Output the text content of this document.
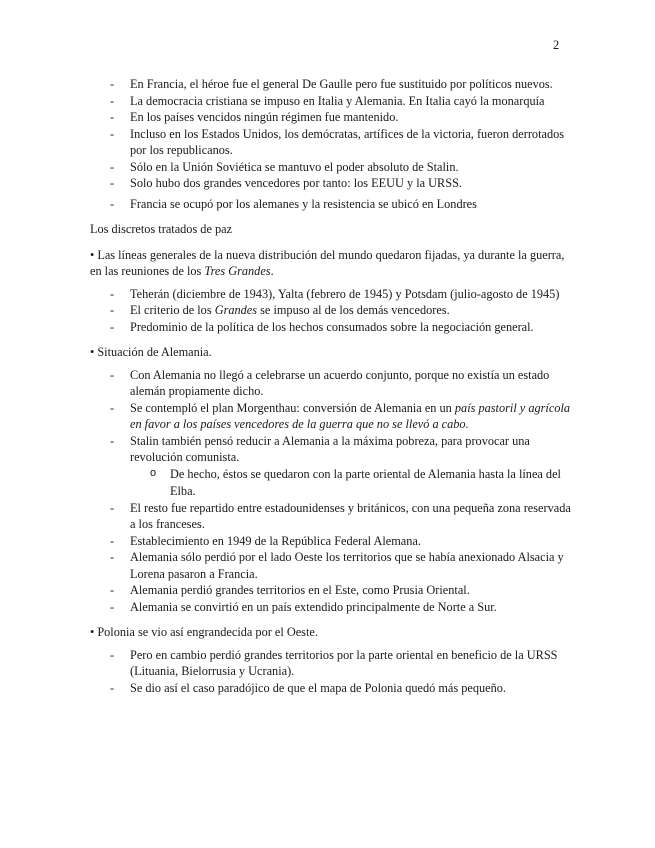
2
- En Francia, el héroe fue el general De Gaulle pero fue sustituido por políticos nuevos.
- La democracia cristiana se impuso en Italia y Alemania. En Italia cayó la monarquía
- En los países vencidos ningún régimen fue mantenido.
- Incluso en los Estados Unidos, los demócratas, artífices de la victoria, fueron derrotados por los republicanos.
- Sólo en la Unión Soviética se mantuvo el poder absoluto de Stalin.
- Solo hubo dos grandes vencedores por tanto: los EEUU y la URSS.
- Francia se ocupó por los alemanes y la resistencia se ubicó en Londres

Los discretos tratados de paz

• Las líneas generales de la nueva distribución del mundo quedaron fijadas, ya durante la guerra, en las reuniones de los Tres Grandes.

- Teherán (diciembre de 1943), Yalta (febrero de 1945) y Potsdam (julio-agosto de 1945)
- El criterio de los Grandes se impuso al de los demás vencedores.
- Predominio de la política de los hechos consumados sobre la negociación general.

• Situación de Alemania.

- Con Alemania no llegó a celebrarse un acuerdo conjunto, porque no existía un estado alemán propiamente dicho.
- Se contempló el plan Morgenthau: conversión de Alemania en un país pastoril y agrícola en favor a los países vencedores de la guerra que no se llevó a cabo.
- Stalin también pensó reducir a Alemania a la máxima pobreza, para provocar una revolución comunista.
o De hecho, éstos se quedaron con la parte oriental de Alemania hasta la línea del Elba.
- El resto fue repartido entre estadounidenses y británicos, con una pequeña zona reservada a los franceses.
- Establecimiento en 1949 de la República Federal Alemana.
- Alemania sólo perdió por el lado Oeste los territorios que se había anexionado Alsacia y Lorena pasaron a Francia.
- Alemania perdió grandes territorios en el Este, como Prusia Oriental.
- Alemania se convirtió en un país extendido principalmente de Norte a Sur.

• Polonia se vio así engrandecida por el Oeste.

- Pero en cambio perdió grandes territorios por la parte oriental en beneficio de la URSS (Lituania, Bielorrusia y Ucrania).
- Se dio así el caso paradójico de que el mapa de Polonia quedó más pequeño.
